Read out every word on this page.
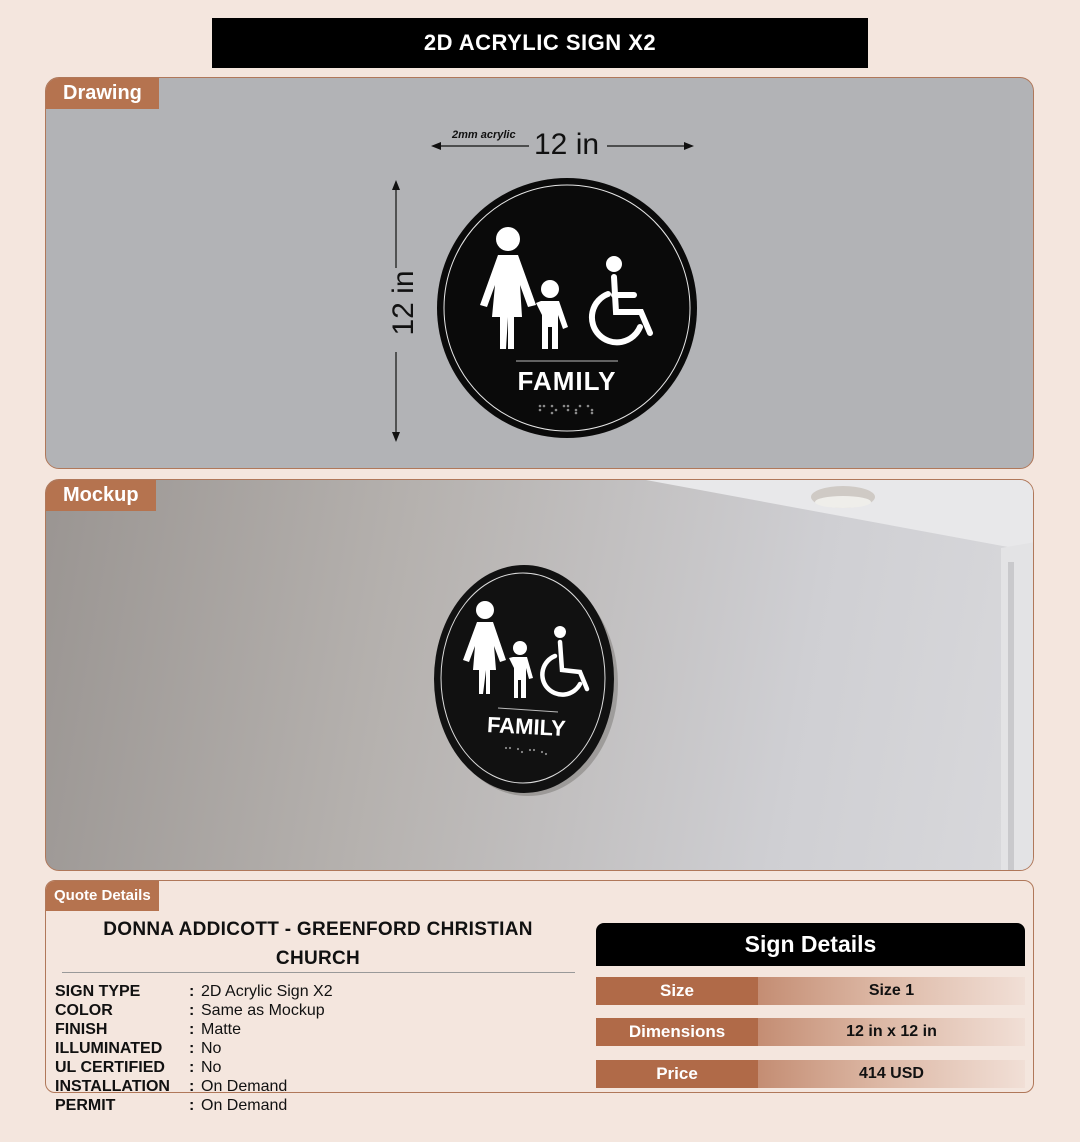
2D ACRYLIC SIGN X2
Drawing
2mm acrylic 12 in
12 in
FAMILY
Mockup
FAMILY
Quote Details
DONNA ADDICOTT - GREENFORD CHRISTIAN CHURCH
SIGN TYPE	: 2D Acrylic Sign X2
COLOR	: Same as Mockup
FINISH	: Matte
ILLUMINATED	: No
UL CERTIFIED	: No
INSTALLATION	: On Demand
PERMIT	: On Demand
Sign Details
Size	Size 1
Dimensions	12 in x 12 in
Price	414 USD
